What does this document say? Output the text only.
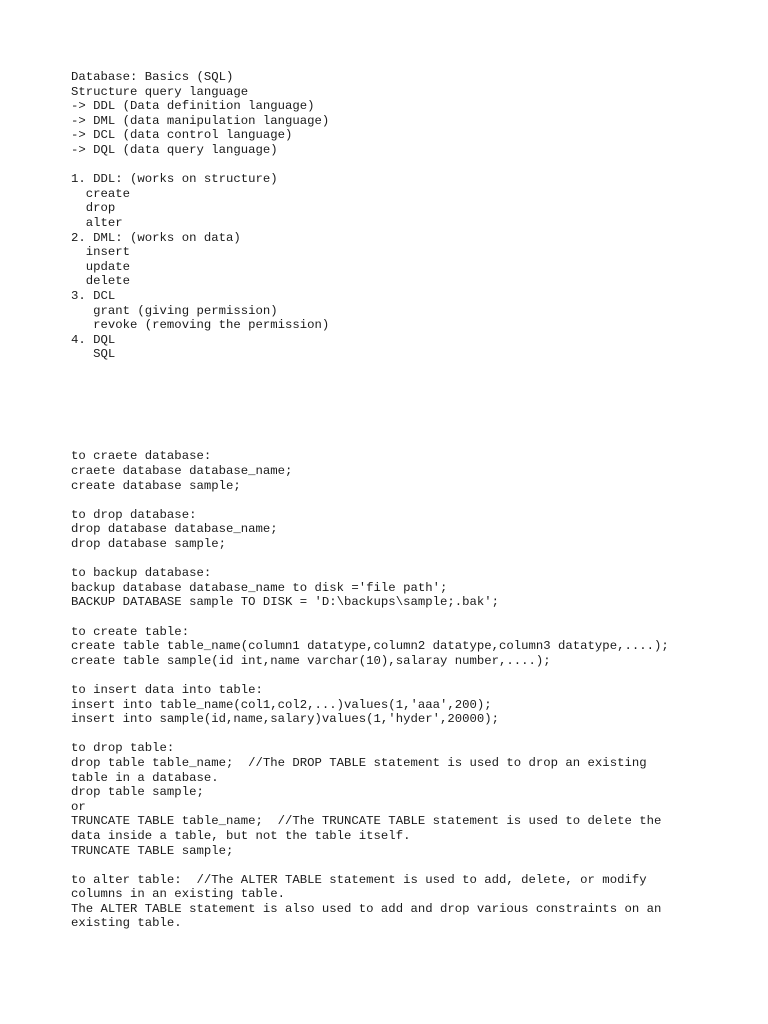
Database: Basics (SQL)
Structure query language
-> DDL (Data definition language)
-> DML (data manipulation language)
-> DCL (data control language)
-> DQL (data query language)
1. DDL: (works on structure)
create
drop
alter
2. DML: (works on data)
insert
update
delete
3. DCL
grant (giving permission)
revoke (removing the permission)
4. DQL
SQL
to craete database:
craete database database_name;
create database sample;
to drop database:
drop database database_name;
drop database sample;
to backup database:
backup database database_name to disk ='file path';
BACKUP DATABASE sample TO DISK = 'D:\backups\sample;.bak';
to create table:
create table table_name(column1 datatype,column2 datatype,column3 datatype,....);
create table sample(id int,name varchar(10),salaray number,....);
to insert data into table:
insert into table_name(col1,col2,...)values(1,'aaa',200);
insert into sample(id,name,salary)values(1,'hyder',20000);
to drop table:
drop table table_name;  //The DROP TABLE statement is used to drop an existing
table in a database.
drop table sample;
or
TRUNCATE TABLE table_name;  //The TRUNCATE TABLE statement is used to delete the
data inside a table, but not the table itself.
TRUNCATE TABLE sample;
to alter table:  //The ALTER TABLE statement is used to add, delete, or modify
columns in an existing table.
The ALTER TABLE statement is also used to add and drop various constraints on an
existing table.
